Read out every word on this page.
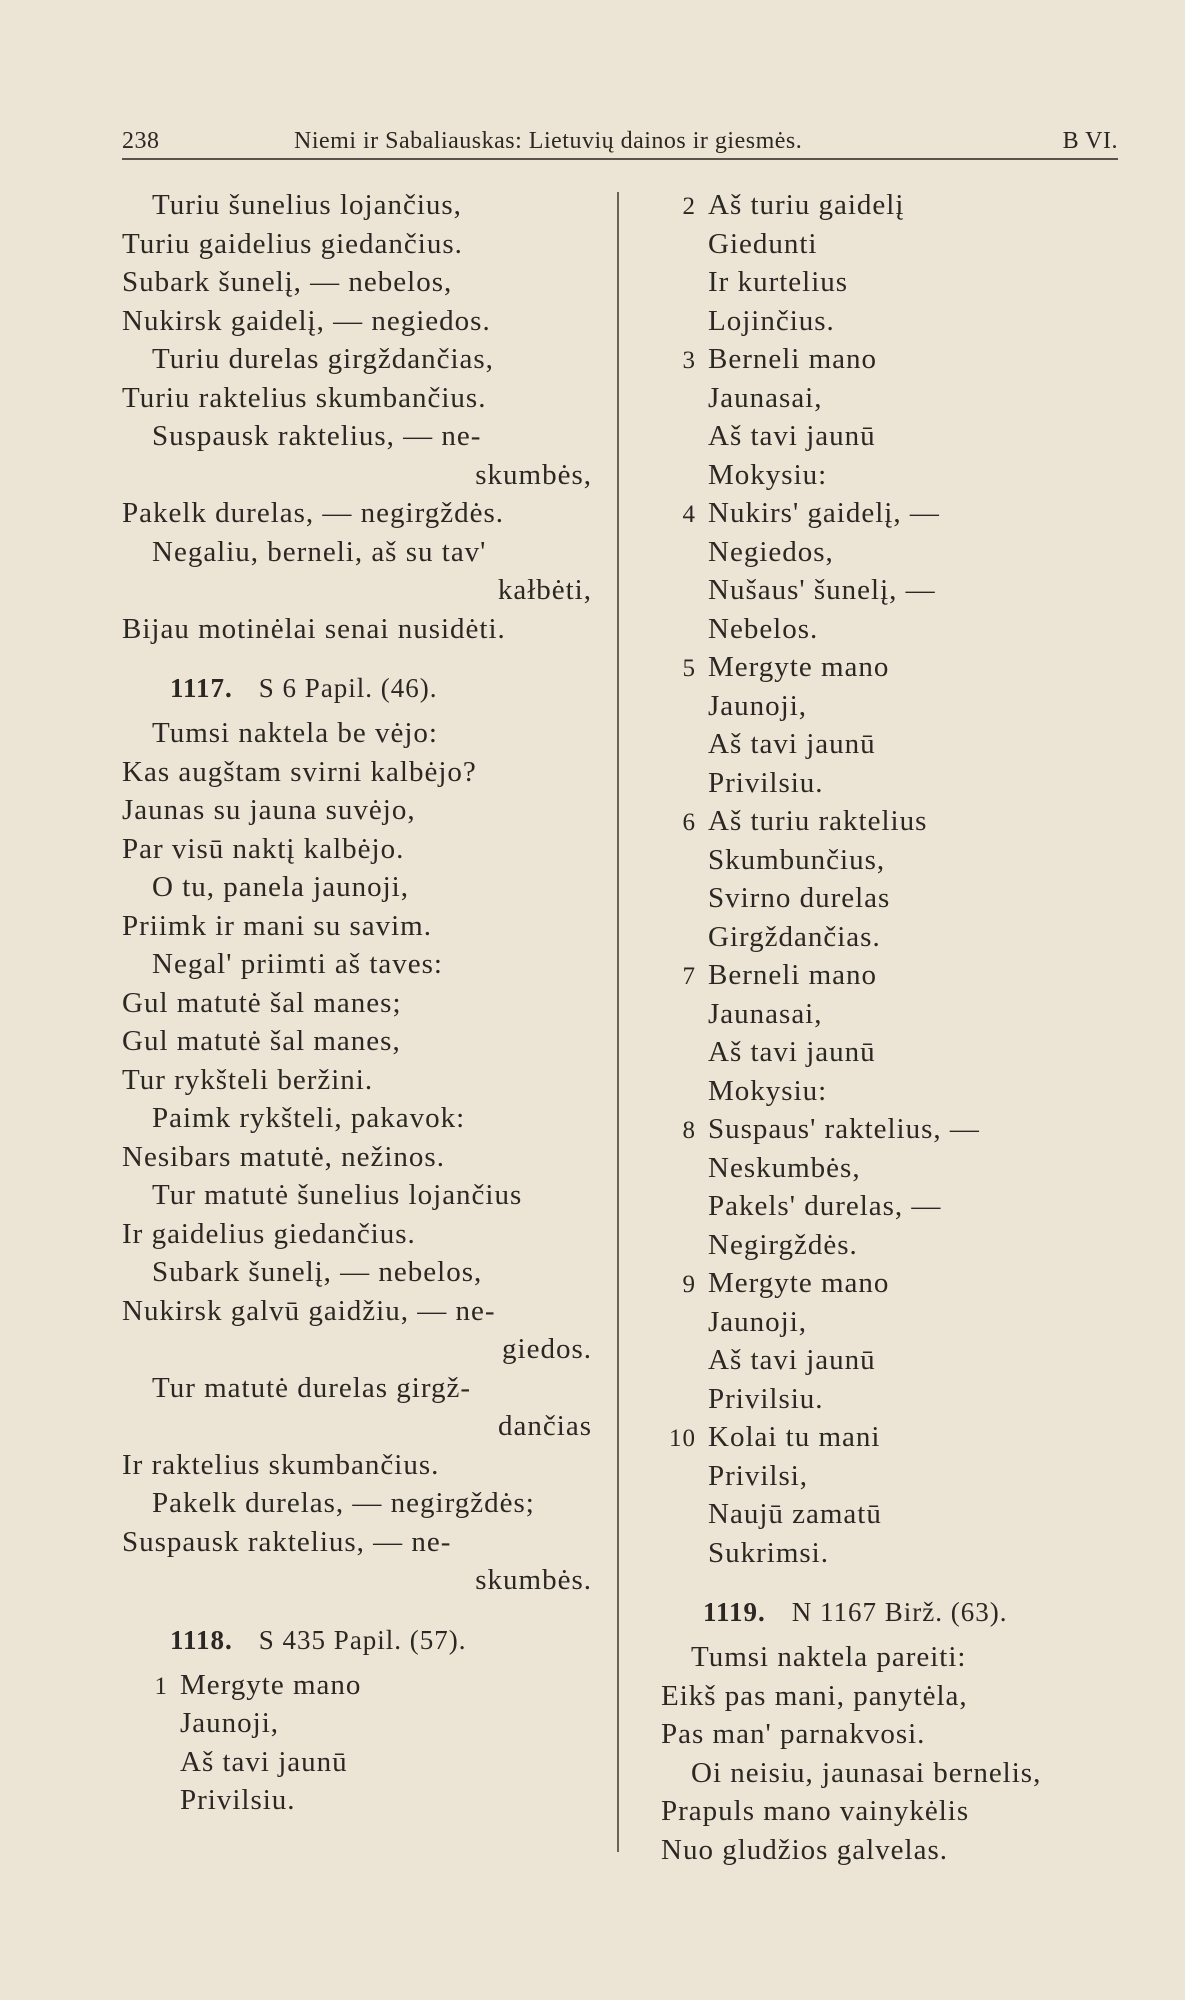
238	Niemi ir Sabaliauskas: Lietuvių dainos ir giesmės.	B VI.
Turiu šunelius lojančius,
Turiu gaidelius giedančius.
Subark šunelį, — nebelos,
Nukirsk gaidelį, — negiedos.
Turiu durelas girgždančias,
Turiu raktelius skumbančius.
Suspausk raktelius, — ne-
skumbės,
Pakelk durelas, — negirgždės.
Negaliu, berneli, aš su tav'
kałbėti,
Bijau motinėlai senai nusidėti.
1117. S 6 Papil. (46).
Tumsi naktela be vėjo:
Kas augštam svirni kalbėjo?
Jaunas su jauna suvėjo,
Par visū naktį kalbėjo.
O tu, panela jaunoji,
Priimk ir mani su savim.
Negal' priimti aš taves:
Gul matutė šal manes;
Gul matutė šal manes,
Tur rykšteli beržini.
Paimk rykšteli, pakavok:
Nesibars matutė, nežinos.
Tur matutė šunelius lojančius
Ir gaidelius giedančius.
Subark šunelį, — nebelos,
Nukirsk galvū gaidžiu, — ne-
giedos.
Tur matutė durelas girgž-
dančias
Ir raktelius skumbančius.
Pakelk durelas, — negirgždės;
Suspausk raktelius, — ne-
skumbės.
1118. S 435 Papil. (57).
1 Mergyte mano
Jaunoji,
Aš tavi jaunū
Privilsiu.
2 Aš turiu gaidelį
Giedunti
Ir kurtelius
Lojinčius.
3 Berneli mano
Jaunasai,
Aš tavi jaunū
Mokysiu:
4 Nukirs' gaidelį, —
Negiedos,
Nušaus' šunelį, —
Nebelos.
5 Mergyte mano
Jaunoji,
Aš tavi jaunū
Privilsiu.
6 Aš turiu raktelius
Skumbunčius,
Svirno durelas
Girgždančias.
7 Berneli mano
Jaunasai,
Aš tavi jaunū
Mokysiu:
8 Suspaus' raktelius, —
Neskumbės,
Pakels' durelas, —
Negirgždės.
9 Mergyte mano
Jaunoji,
Aš tavi jaunū
Privilsiu.
10 Kolai tu mani
Privilsi,
Naujū zamatū
Sukrimsi.
1119. N 1167 Birž. (63).
Tumsi naktela pareiti:
Eikš pas mani, panytėla,
Pas man' parnakvosi.
Oi neisiu, jaunasai bernelis,
Prapuls mano vainykėlis
Nuo gludžios galvelas.
